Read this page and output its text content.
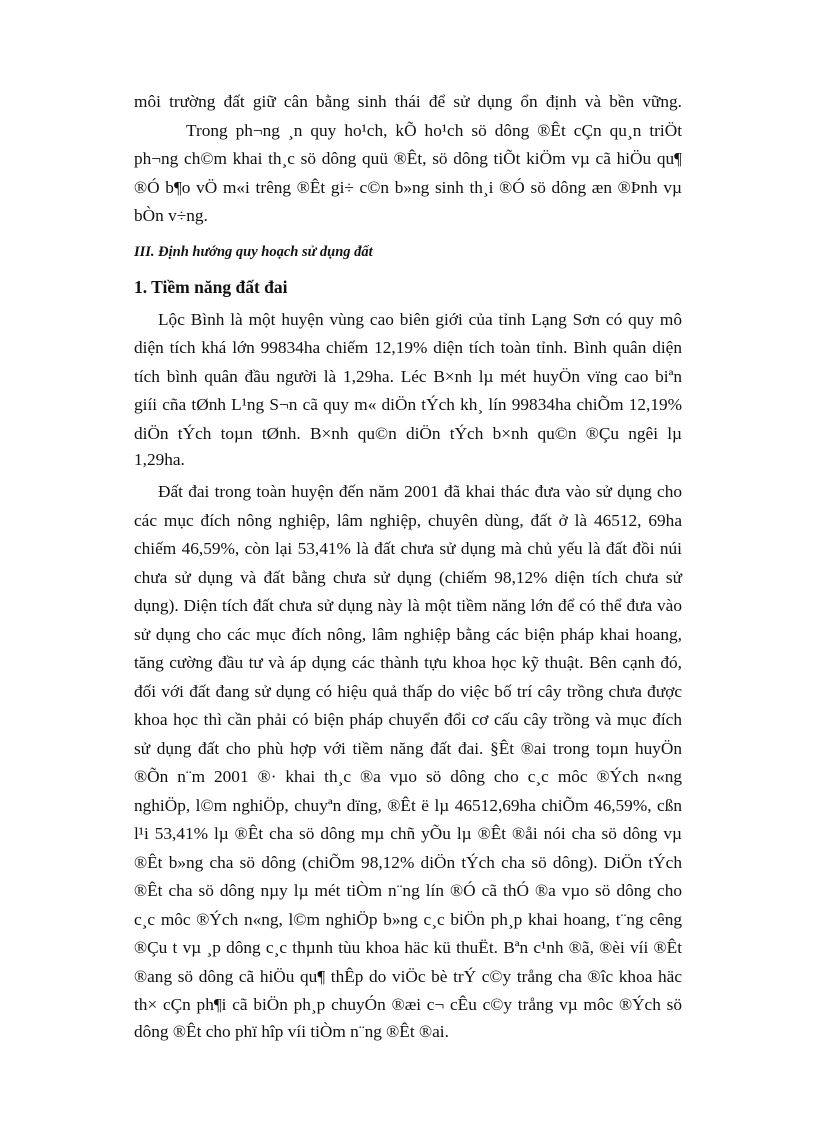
môi trường đất giữ cân bằng sinh thái để sử dụng ổn định và bền vững.
Trong ph¬ng ¸n quy ho¹ch, kÕ ho¹ch sö dông ®Êt cÇn qu¸n triÖt
ph¬ng ch©m khai th¸c sö dông quü ®Êt, sö dông tiÕt kiÖm vµ cã hiÖu qu¶
®Ó b¶o vÖ m«i trêng ®Êt gi÷ c©n b»ng sinh th¸i ®Ó sö dông æn ®Þnh vµ
bÒn v÷ng.
III. Định hướng quy hoạch sử dụng đất
1. Tiềm năng đất đai
Lộc Bình là một huyện vùng cao biên giới của tỉnh Lạng Sơn có quy mô
diện tích khá lớn 99834ha chiếm 12,19% diện tích toàn tỉnh. Bình quân diện
tích bình quân đầu người là 1,29ha. Léc B×nh lµ mét huyÖn vïng cao biªn
giíi cña tØnh L¹ng S¬n cã quy m« diÖn tÝch kh¸ lín 99834ha chiÕm 12,19%
diÖn tÝch toµn tØnh. B×nh qu©n diÖn tÝch b×nh qu©n ®Çu ngêi lµ
1,29ha.
Đất đai trong toàn huyện đến năm 2001 đã khai thác đưa vào sử dụng cho
các mục đích nông nghiệp, lâm nghiệp, chuyên dùng, đất ở là 46512, 69ha
chiếm 46,59%, còn lại 53,41% là đất chưa sử dụng mà chủ yếu là đất đồi núi
chưa sử dụng và đất bằng chưa sử dụng (chiếm 98,12% diện tích chưa sử
dụng). Diện tích đất chưa sử dụng này là một tiềm năng lớn để có thể đưa vào
sử dụng cho các mục đích nông, lâm nghiệp bằng các biện pháp khai hoang,
tăng cường đầu tư và áp dụng các thành tựu khoa học kỹ thuật. Bên cạnh đó,
đối với đất đang sử dụng có hiệu quả thấp do việc bố trí cây trồng chưa được
khoa học thì cần phải có biện pháp chuyển đổi cơ cấu cây trồng và mục đích
sử dụng đất cho phù hợp với tiềm năng đất đai. §Êt ®ai trong toµn huyÖn
®Õn n¨m 2001 ®· khai th¸c ®a vµo sö dông cho c¸c môc ®Ých n«ng
nghiÖp, l©m nghiÖp, chuyªn dïng, ®Êt ë lµ 46512,69ha chiÕm 46,59%, cßn
l¹i 53,41% lµ ®Êt cha sö dông mµ chñ yÕu lµ ®Êt ®åi nói cha sö dông vµ
®Êt b»ng cha sö dông (chiÕm 98,12% diÖn tÝch cha sö dông). DiÖn tÝch
®Êt cha sö dông nµy lµ mét tiÒm n¨ng lín ®Ó cã thÓ ®a vµo sö dông cho
c¸c môc ®Ých n«ng, l©m nghiÖp b»ng c¸c biÖn ph¸p khai hoang, t¨ng cêng
®Çu t vµ ¸p dông c¸c thµnh tùu khoa häc kü thuËt. Bªn c¹nh ®ã, ®èi víi ®Êt
®ang sö dông cã hiÖu qu¶ thÊp do viÖc bè trÝ c©y trång cha ®îc khoa häc
th× cÇn ph¶i cã biÖn ph¸p chuyÓn ®æi c¬ cÊu c©y trång vµ môc ®Ých sö
dông ®Êt cho phï hîp víi tiÒm n¨ng ®Êt ®ai.
